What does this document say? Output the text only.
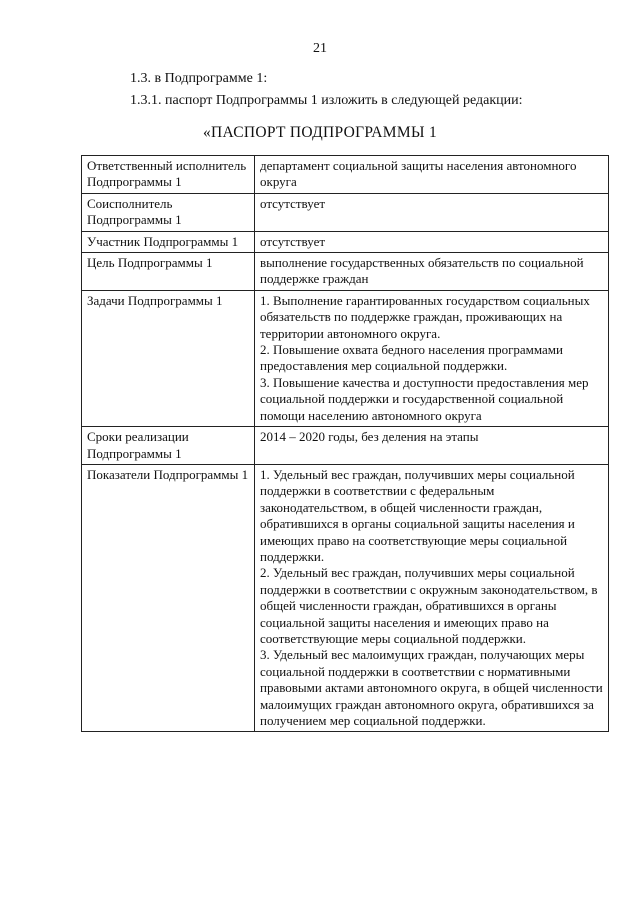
21
1.3. в Подпрограмме 1:
1.3.1. паспорт Подпрограммы 1 изложить в следующей редакции:
«ПАСПОРТ ПОДПРОГРАММЫ 1
Ответственный исполнитель Подпрограммы 1	департамент социальной защиты населения автономного округа

Соисполнитель Подпрограммы 1	отсутствует

Участник Подпрограммы 1	отсутствует

Цель Подпрограммы 1	выполнение государственных обязательств по социальной поддержке граждан

Задачи Подпрограммы 1	1. Выполнение гарантированных государством социальных обязательств по поддержке граждан, проживающих на территории автономного округа.
2. Повышение охвата бедного населения программами предоставления мер социальной поддержки.
3. Повышение качества и доступности предоставления мер социальной поддержки и государственной социальной помощи населению автономного округа

Сроки реализации Подпрограммы 1	2014 – 2020 годы, без деления на этапы

Показатели Подпрограммы 1	1. Удельный вес граждан, получивших меры социальной поддержки в соответствии с федеральным законодательством, в общей численности граждан, обратившихся в органы социальной защиты населения и имеющих право на соответствующие меры социальной поддержки.
2. Удельный вес граждан, получивших меры социальной поддержки в соответствии с окружным законодательством, в общей численности граждан, обратившихся в органы социальной защиты населения и имеющих право на соответствующие меры социальной поддержки.
3. Удельный вес малоимущих граждан, получающих меры социальной поддержки в соответствии с нормативными правовыми актами автономного округа, в общей численности малоимущих граждан автономного округа, обратившихся за получением мер социальной поддержки.
